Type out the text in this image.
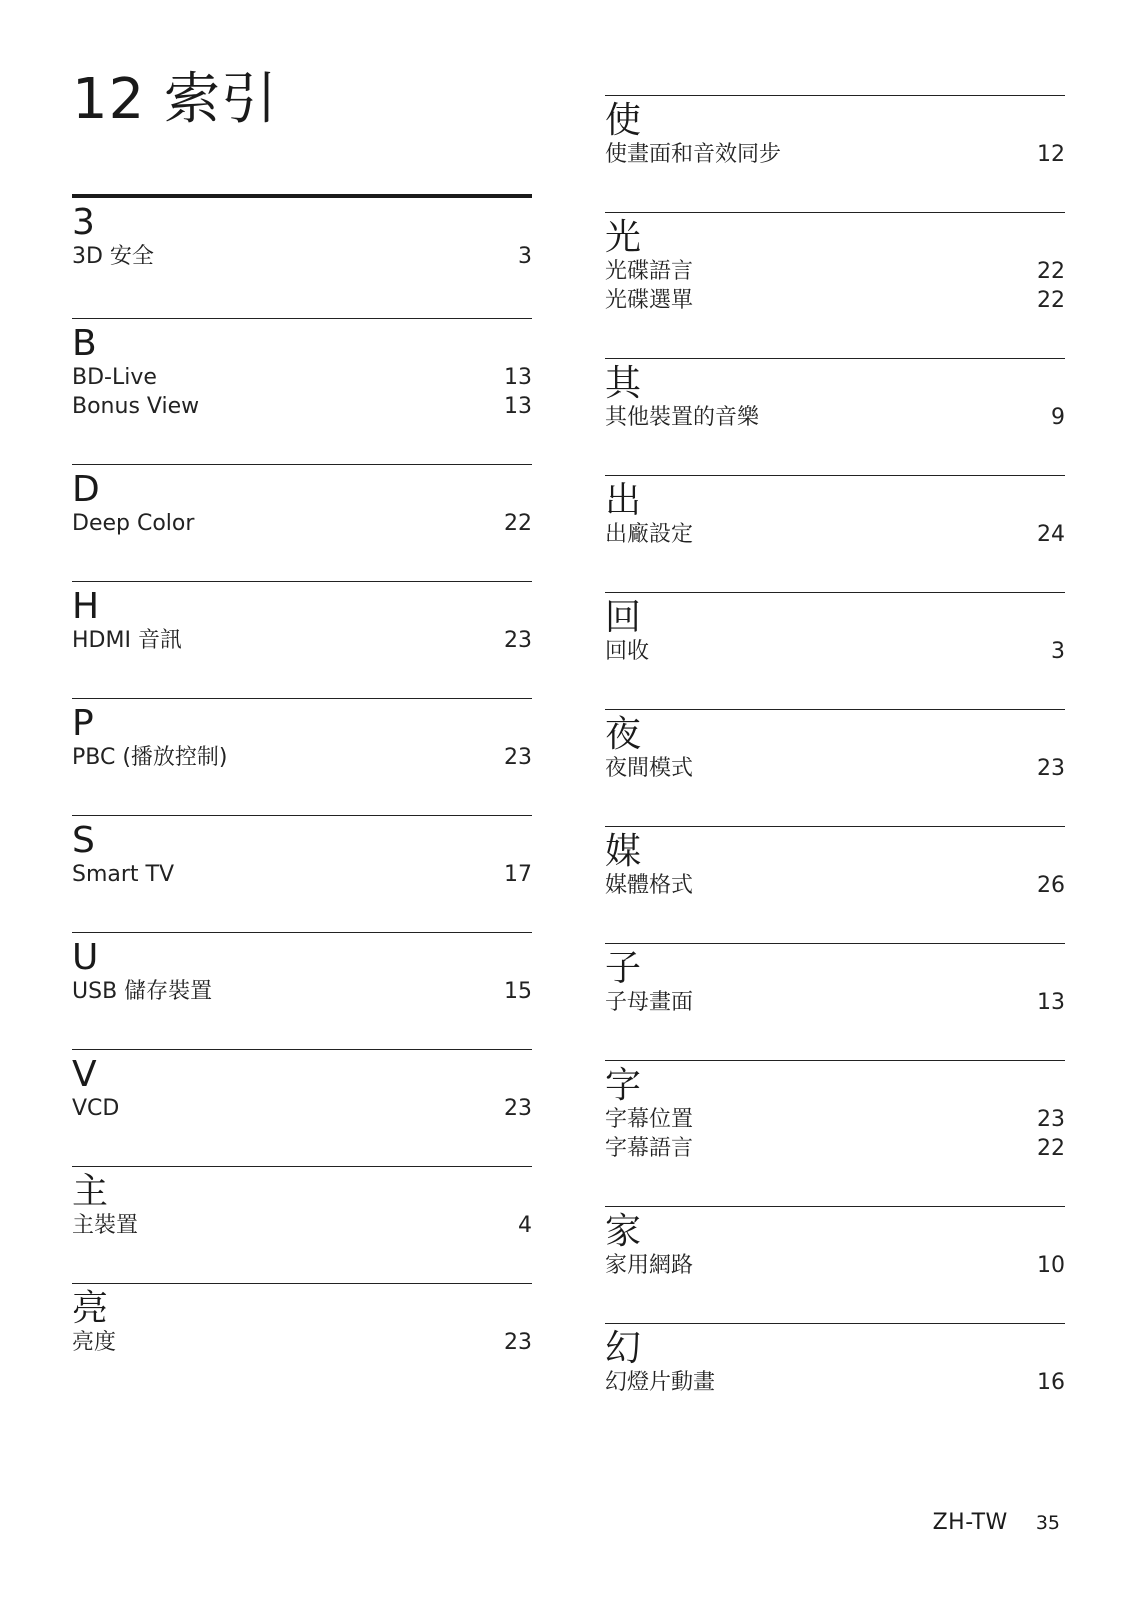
12 索引
3
3D 安全	3
B
BD-Live	13
Bonus View	13
D
Deep Color	22
H
HDMI 音訊	23
P
PBC (播放控制)	23
S
Smart TV	17
U
USB 儲存裝置	15
V
VCD	23
主
主裝置	4
亮
亮度	23
使
使畫面和音效同步	12
光
光碟語言	22
光碟選單	22
其
其他裝置的音樂	9
出
出廠設定	24
回
回收	3
夜
夜間模式	23
媒
媒體格式	26
子
子母畫面	13
字
字幕位置	23
字幕語言	22
家
家用網路	10
幻
幻燈片動畫	16
ZH-TW 35
